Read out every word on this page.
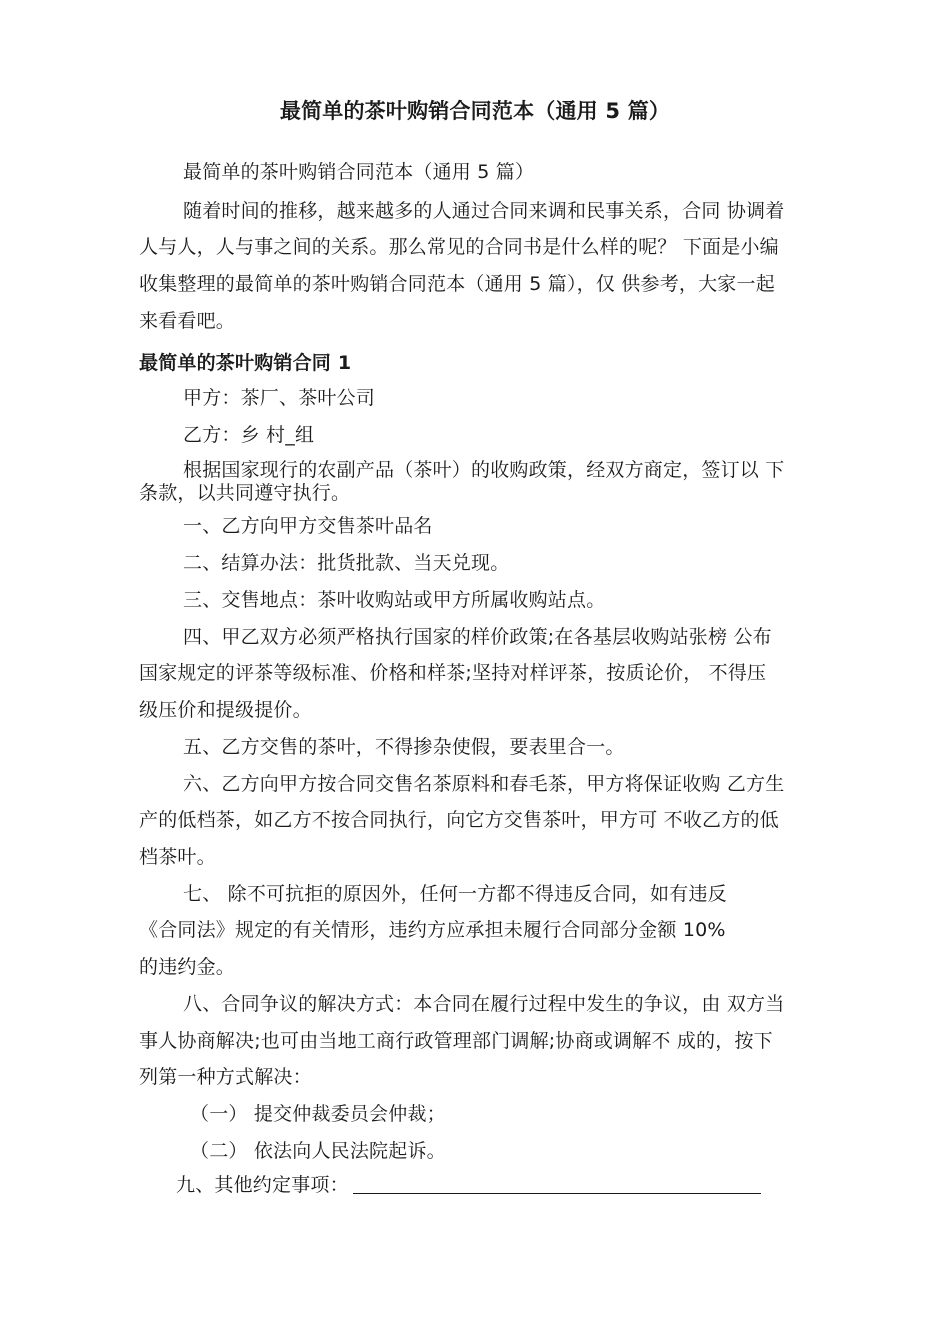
最简单的茶叶购销合同范本（通用 5 篇）

最简单的茶叶购销合同范本（通用 5 篇）

随着时间的推移，越来越多的人通过合同来调和民事关系，合同 协调着

人与人，人与事之间的关系。那么常见的合同书是什么样的呢？ 下面是小编

收集整理的最简单的茶叶购销合同范本（通用 5 篇），仅 供参考，大家一起

来看看吧。

最简单的茶叶购销合同 1

甲方：茶厂、茶叶公司

乙方：乡 村_组

根据国家现行的农副产品（茶叶）的收购政策，经双方商定，签订以 下

条款，以共同遵守执行。

一、乙方向甲方交售茶叶品名

二、结算办法：批货批款、当天兑现。

三、交售地点：茶叶收购站或甲方所属收购站点。

四、甲乙双方必须严格执行国家的样价政策;在各基层收购站张榜 公布

国家规定的评茶等级标准、价格和样茶;坚持对样评茶，按质论价， 不得压

级压价和提级提价。

五、乙方交售的茶叶，不得掺杂使假，要表里合一。

六、乙方向甲方按合同交售名茶原料和春毛茶，甲方将保证收购 乙方生

产的低档茶，如乙方不按合同执行，向它方交售茶叶，甲方可 不收乙方的低

档茶叶。

七、 除不可抗拒的原因外，任何一方都不得违反合同，如有违反

《合同法》规定的有关情形，违约方应承担未履行合同部分金额 10%

的违约金。

八、合同争议的解决方式：本合同在履行过程中发生的争议，由 双方当

事人协商解决;也可由当地工商行政管理部门调解;协商或调解不 成的，按下

列第一种方式解决：

（一） 提交仲裁委员会仲裁；

（二） 依法向人民法院起诉。

九、其他约定事项：
